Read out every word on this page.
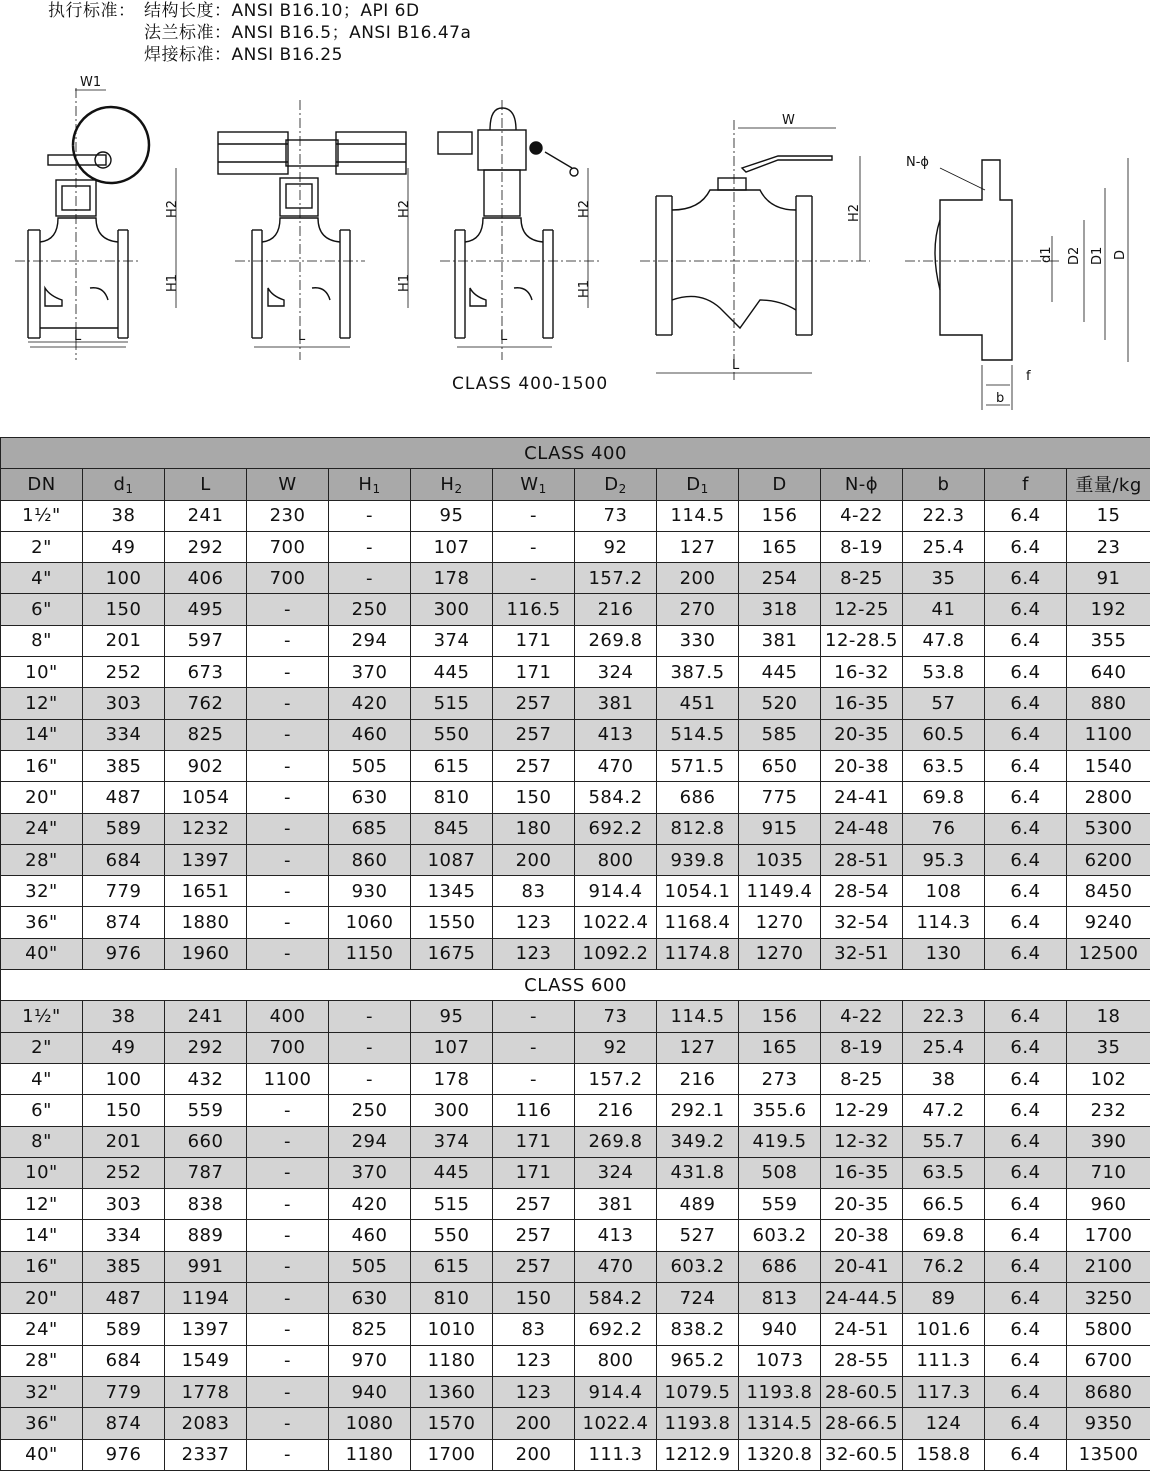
执行标准： 结构长度：ANSI B16.10；API 6D
法兰标准：ANSI B16.5；ANSI B16.47a
焊接标准：ANSI B16.25
W1
H2
H1
L
H2
H1
L
H2
H1
L
W
H2
L
N-ϕ
d1 D2 D1 D
f
b
CLASS 400-1500
CLASS 400													
DN	$d_1$	L	W	$H_1$	$H_2$	$W_1$	$D_2$	$D_1$	D	N-ϕ	b	f	重量/kg
1½"	38	241	230	-	95	-	73	114.5	156	4-22	22.3	6.4	15
2"	49	292	700	-	107	-	92	127	165	8-19	25.4	6.4	23
4"	100	406	700	-	178	-	157.2	200	254	8-25	35	6.4	91
6"	150	495	-	250	300	116.5	216	270	318	12-25	41	6.4	192
8"	201	597	-	294	374	171	269.8	330	381	12-28.5	47.8	6.4	355
10"	252	673	-	370	445	171	324	387.5	445	16-32	53.8	6.4	640
12"	303	762	-	420	515	257	381	451	520	16-35	57	6.4	880
14"	334	825	-	460	550	257	413	514.5	585	20-35	60.5	6.4	1100
16"	385	902	-	505	615	257	470	571.5	650	20-38	63.5	6.4	1540
20"	487	1054	-	630	810	150	584.2	686	775	24-41	69.8	6.4	2800
24"	589	1232	-	685	845	180	692.2	812.8	915	24-48	76	6.4	5300
28"	684	1397	-	860	1087	200	800	939.8	1035	28-51	95.3	6.4	6200
32"	779	1651	-	930	1345	83	914.4	1054.1	1149.4	28-54	108	6.4	8450
36"	874	1880	-	1060	1550	123	1022.4	1168.4	1270	32-54	114.3	6.4	9240
40"	976	1960	-	1150	1675	123	1092.2	1174.8	1270	32-51	130	6.4	12500
CLASS 600													
1½"	38	241	400	-	95	-	73	114.5	156	4-22	22.3	6.4	18
2"	49	292	700	-	107	-	92	127	165	8-19	25.4	6.4	35
4"	100	432	1100	-	178	-	157.2	216	273	8-25	38	6.4	102
6"	150	559	-	250	300	116	216	292.1	355.6	12-29	47.2	6.4	232
8"	201	660	-	294	374	171	269.8	349.2	419.5	12-32	55.7	6.4	390
10"	252	787	-	370	445	171	324	431.8	508	16-35	63.5	6.4	710
12"	303	838	-	420	515	257	381	489	559	20-35	66.5	6.4	960
14"	334	889	-	460	550	257	413	527	603.2	20-38	69.8	6.4	1700
16"	385	991	-	505	615	257	470	603.2	686	20-41	76.2	6.4	2100
20"	487	1194	-	630	810	150	584.2	724	813	24-44.5	89	6.4	3250
24"	589	1397	-	825	1010	83	692.2	838.2	940	24-51	101.6	6.4	5800
28"	684	1549	-	970	1180	123	800	965.2	1073	28-55	111.3	6.4	6700
32"	779	1778	-	940	1360	123	914.4	1079.5	1193.8	28-60.5	117.3	6.4	8680
36"	874	2083	-	1080	1570	200	1022.4	1193.8	1314.5	28-66.5	124	6.4	9350
40"	976	2337	-	1180	1700	200	111.3	1212.9	1320.8	32-60.5	158.8	6.4	13500
